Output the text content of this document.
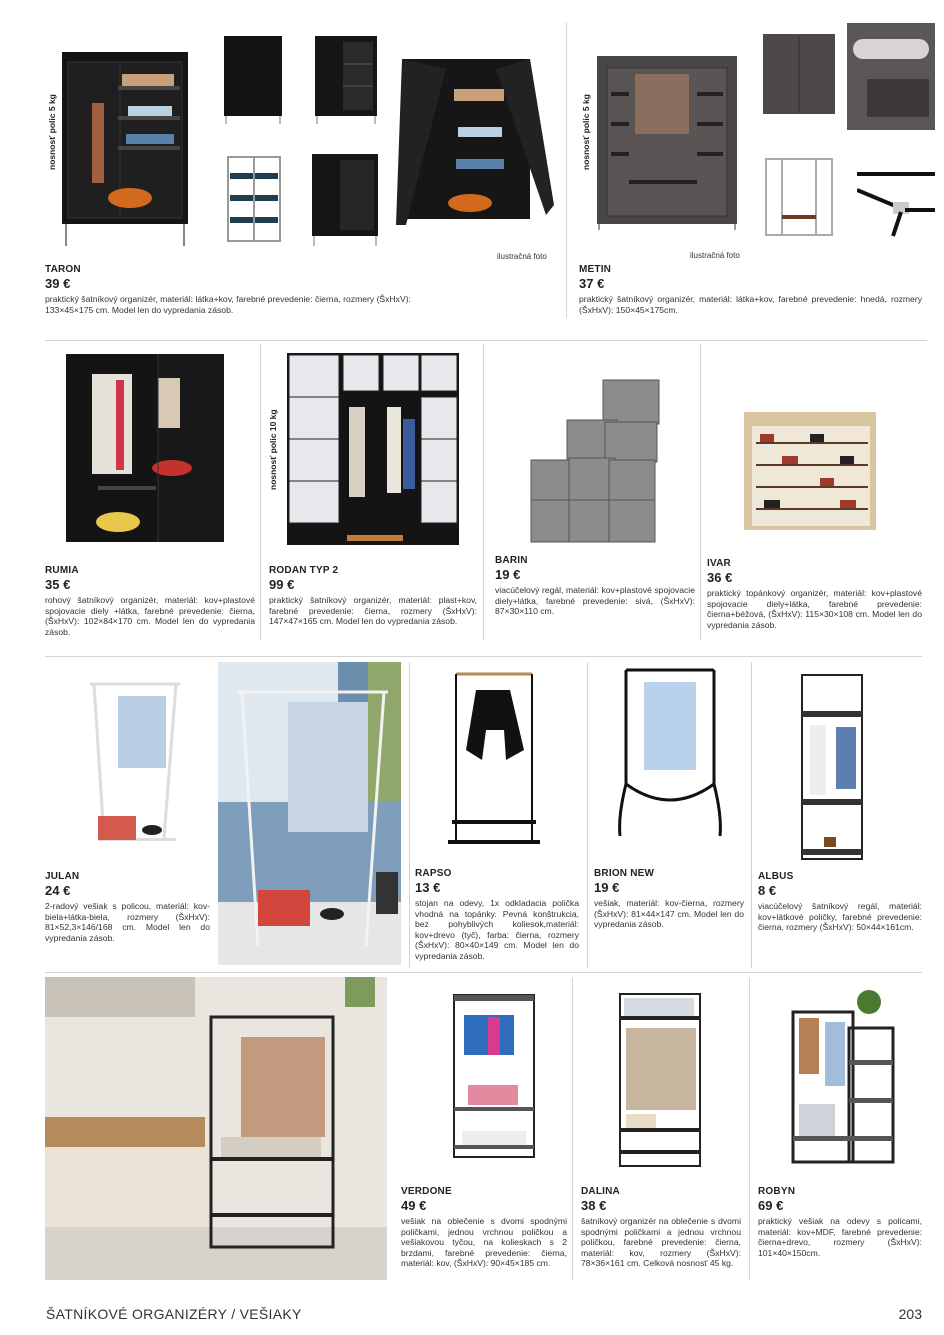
nosnosť polic 5 kg
ilustračná foto
TARON
39 €
praktický šatníkový organizér, materiál: látka+kov, farebné prevedenie: čierna, rozmery (ŠxHxV): 133×45×175 cm. Model len do vypredania zásob.
nosnosť polic 5 kg
ilustračná foto
METIN
37 €
praktický šatníkový organizér, materiál: látka+kov, farebné prevedenie: hnedá, rozmery (ŠxHxV): 150×45×175cm.
nosnosť polic 10 kg
RUMIA
35 €
rohový šatníkový organizér, materiál: kov+plastové spojovacie diely +látka, farebné prevedenie: čierna, (ŠxHxV): 102×84×170 cm. Model len do vypredania zásob.
RODAN TYP 2
99 €
praktický šatníkový organizér, materiál: plast+kov, farebné prevedenie: čierna, rozmery (ŠxHxV): 147×47×165 cm. Model len do vypredania zásob.
BARIN
19 €
viacúčelový regál, materiál: kov+plastové spojovacie diely+látka, farebné prevedenie: sivá, (ŠxHxV): 87×30×110 cm.
IVAR
36 €
praktický topánkový organizér, materiál: kov+plastové spojovacie diely+látka, farebné prevedenie: čierna+béžová, (ŠxHxV): 115×30×108 cm. Model len do vypredania zásob.
JULAN
24 €
2-radový vešiak s policou, materiál: kov-biela+látka-biela, rozmery (ŠxHxV): 81×52,3×146/168 cm. Model len do vypredania zásob.
RAPSO
13 €
stojan na odevy, 1x odkladacia polička vhodná na topánky. Pevná konštrukcia, bez pohyblivých koliesok,materiál: kov+drevo (tyč), farba: čierna, rozmery (ŠxHxV): 80×40×149 cm. Model len do vypredania zásob.
BRION NEW
19 €
vešiak, materiál: kov-čierna, rozmery (ŠxHxV): 81×44×147 cm. Model len do vypredania zásob.
ALBUS
8 €
viacúčelový šatníkový regál, materiál: kov+látkové poličky, farebné prevedenie: čierna, rozmery (ŠxHxV): 50×44×161cm.
VERDONE
49 €
vešiak na oblečenie s dvomi spodnými poličkami, jednou vrchnou poličkou a vešiakovou tyčou, na kolieskach s 2 brzdami, farebné prevedenie: čierna, materiál: kov, (ŠxHxV): 90×45×185 cm.
DALINA
38 €
šatníkový organizér na oblečenie s dvomi spodnými poličkami a jednou vrchnou poličkou, farebné prevedenie: čierna, materiál: kov, rozmery (ŠxHxV): 78×36×161 cm. Celková nosnosť 45 kg.
ROBYN
69 €
praktický vešiak na odevy s policami, materiál: kov+MDF, farebné prevedenie: čierna+drevo, rozmery (ŠxHxV): 101×40×150cm.
ŠATNÍKOVÉ ORGANIZÉRY / VEŠIAKY	203
